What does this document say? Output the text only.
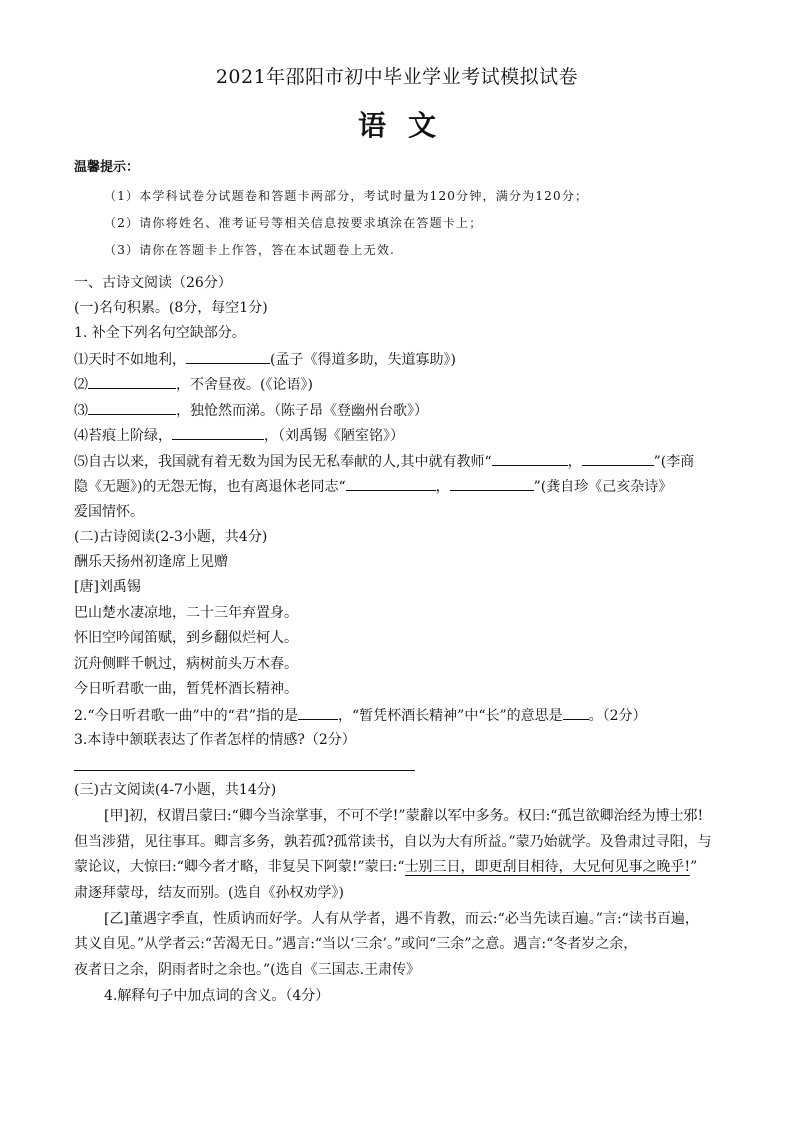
2021年邵阳市初中毕业学业考试模拟试卷
语文
温馨提示：
（1）本学科试卷分试题卷和答题卡两部分，考试时量为120分钟，满分为120分；
（2）请你将姓名、准考证号等相关信息按要求填涂在答题卡上；
（3）请你在答题卡上作答，答在本试题卷上无效.
一、古诗文阅读（26分）
(一)名句积累。(8分，每空1分)
1. 补全下列名句空缺部分。
⑴天时不如地利，	(孟子《得道多助，失道寡助》)
⑵	，不舍昼夜。(《论语》)
⑶	，独怆然而涕。（陈子昂《登幽州台歌》）
⑷苔痕上阶绿，	，（刘禹锡《陋室铭》）
⑸自古以来，我国就有着无数为国为民无私奉献的人,其中就有教师“	，	”(李商
隐《无题》)的无怨无悔，也有离退休老同志“	，	”(龚自珍《己亥杂诗》
爱国情怀。
(二)古诗阅读(2-3小题，共4分)
酬乐天扬州初逢席上见赠
[唐]刘禹锡
巴山楚水凄凉地，二十三年弃置身。
怀旧空吟闻笛赋，到乡翻似烂柯人。
沉舟侧畔千帆过，病树前头万木春。
今日听君歌一曲，暂凭杯酒长精神。
2.“今日听君歌一曲”中的“君”指的是	，“暂凭杯酒长精神”中“长”的意思是 。（2分）
3.本诗中颔联表达了作者怎样的情感?（2分）
(三)古文阅读(4-7小题，共14分)
[甲]初，权谓吕蒙曰:“卿今当涂掌事，不可不学!”蒙辭以军中多务。权曰:“孤岂欲卿治经为博士邪!
但当涉猎，见往事耳。卿言多务，孰若孤?孤常读书，自以为大有所益。”蒙乃始就学。及鲁肃过寻阳，与
蒙论议，大惊曰:“卿今者才略，非复吴下阿蒙!”蒙曰:“士别三日，即更刮目相待，大兄何见事之晚乎!”
肃逐拜蒙母，结友而别。(选自《孙权劝学》)
[乙]董遇字季直，性质讷而好学。人有从学者，遇不肯教，而云:“必当先读百遍。”言:“读书百遍，
其义自见。”从学者云:“苦渴无日。”遇言:“当以‘三余’。”或问“三余”之意。遇言:“冬者岁之余，
夜者日之余，阴雨者时之余也。”(选自《三国志.王肃传》
4.解释句子中加点词的含义。（4分）
